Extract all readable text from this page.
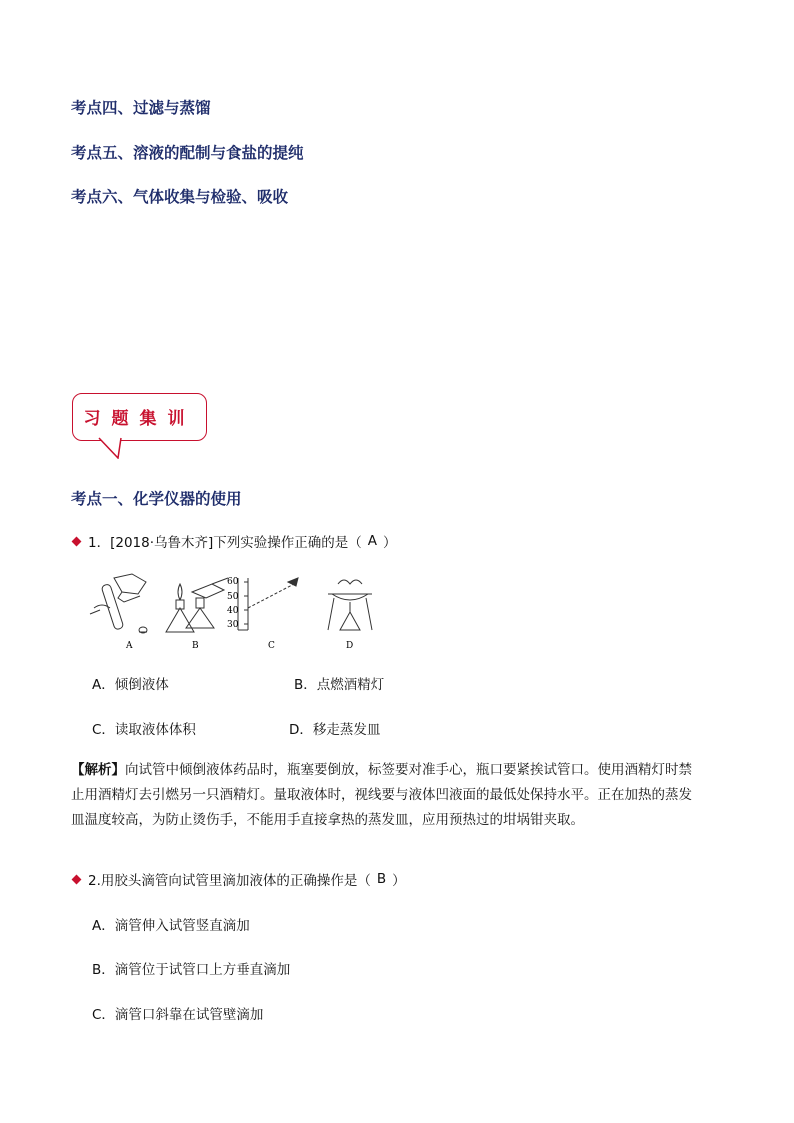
考点四、过滤与蒸馏
考点五、溶液的配制与食盐的提纯
考点六、气体收集与检验、吸收
习题集训
考点一、化学仪器的使用
1．[2018·乌鲁木齐]下列实验操作正确的是（ A ）
A	B	C	D
60
50
40
30
A．倾倒液体	B．点燃酒精灯
C．读取液体体积	D．移走蒸发皿
【解析】向试管中倾倒液体药品时，瓶塞要倒放，标签要对准手心，瓶口要紧挨试管口。使用酒精灯时禁
止用酒精灯去引燃另一只酒精灯。量取液体时，视线要与液体凹液面的最低处保持水平。正在加热的蒸发
皿温度较高，为防止烫伤手，不能用手直接拿热的蒸发皿，应用预热过的坩埚钳夹取。
2.用胶头滴管向试管里滴加液体的正确操作是（ B ）
A．滴管伸入试管竖直滴加
B．滴管位于试管口上方垂直滴加
C．滴管口斜靠在试管壁滴加
